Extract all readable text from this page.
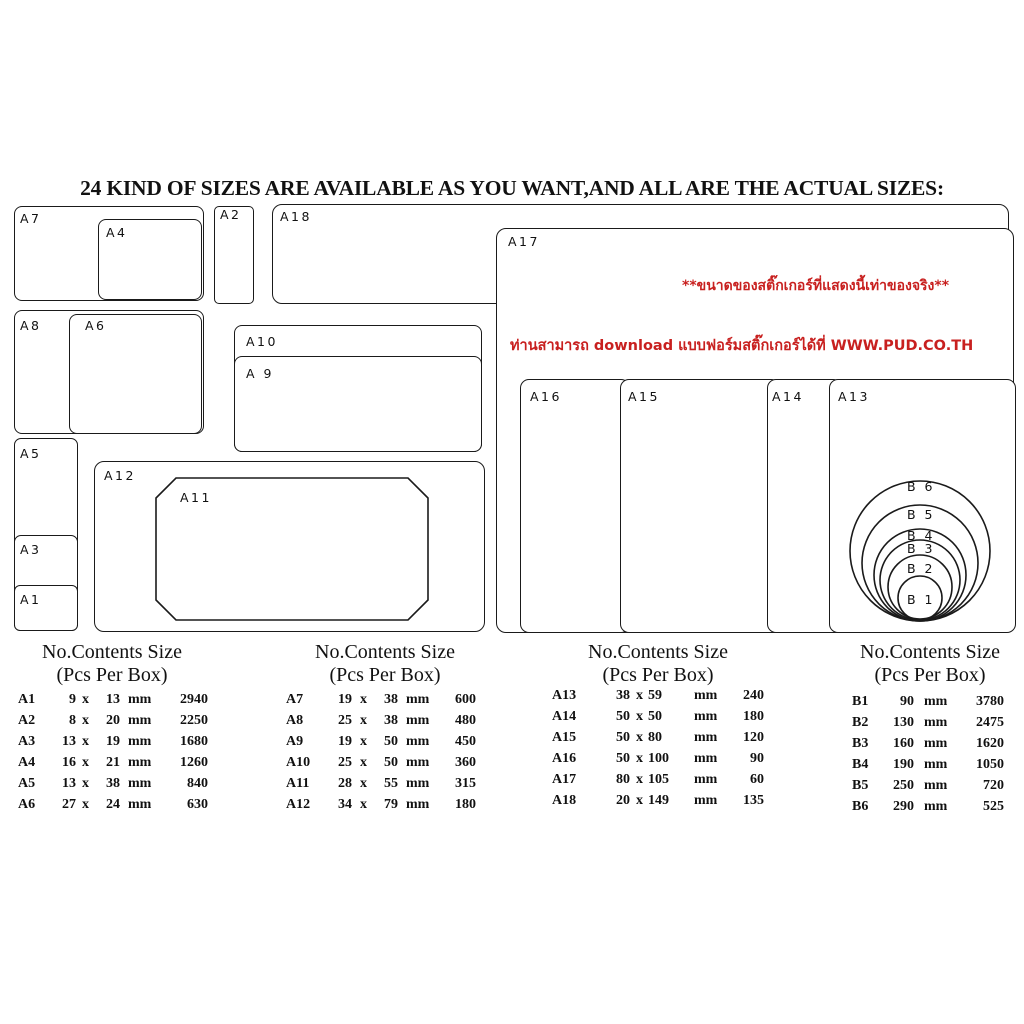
24 KIND OF SIZES ARE AVAILABLE AS YOU WANT,AND ALL ARE THE ACTUAL SIZES:
A7
A4
A2	A18
A17
A8	A6
A10
A 9
A5
A3
A1
A12
A11
A16	A15	A14	A13
B 6
B 5
B 4
B 3
B 2
B 1
**ขนาดของสติ๊กเกอร์ที่แสดงนี้เท่าของจริง**
ท่านสามารถ download แบบฟอร์มสติ๊กเกอร์ได้ที่ WWW.PUD.CO.TH
No.Contents Size
(Pcs Per Box)
A1	9 x	13 mm	2940
A2	8 x	20 mm	2250
A3	13 x	19 mm	1680
A4	16 x	21 mm	1260
A5	13 x	38 mm	840
A6	27 x	24 mm	630
No.Contents Size
(Pcs Per Box)
A7	19 x	38 mm	600
A8	25 x	38 mm	480
A9	19 x	50 mm	450
A10	25 x	50 mm	360
A11	28 x	55 mm	315
A12	34 x	79 mm	180
No.Contents Size
(Pcs Per Box)
A13	38 x 59 mm	240
A14	50 x 50 mm	180
A15	50 x 80 mm	120
A16	50 x 100 mm	90
A17	80 x 105 mm	60
A18	20 x 149 mm	135
No.Contents Size
(Pcs Per Box)
B1	90 mm	3780
B2	130 mm	2475
B3	160 mm	1620
B4	190 mm	1050
B5	250 mm	720
B6	290 mm	525
